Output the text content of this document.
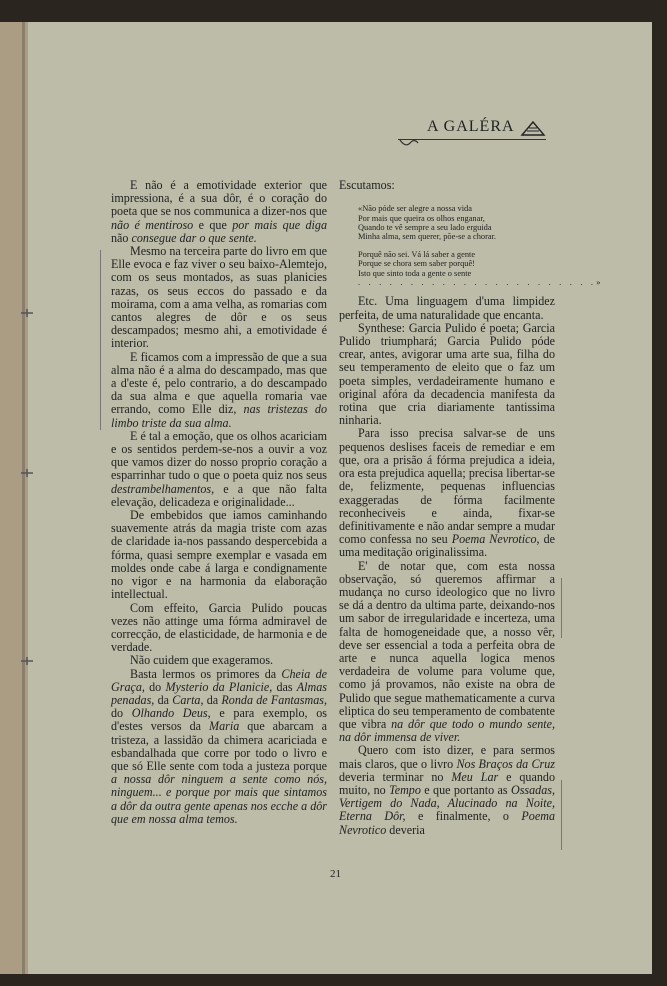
A GALÉRA

E não é a emotividade exterior que impressiona, é a sua dôr, é o coração do poeta que se nos communica a dizer-nos que não é mentiroso e que por mais que diga não consegue dar o que sente.

Mesmo na terceira parte do livro em que Elle evoca e faz viver o seu baixo-Alemtejo, com os seus montados, as suas planicies razas, os seus eccos do passado e da moirama, com a ama velha, as romarias com cantos alegres de dôr e os seus descampados; mesmo ahi, a emotividade é interior.

E ficamos com a impressão de que a sua alma não é a alma do descampado, mas que a d'este é, pelo contrario, a do descampado da sua alma e que aquella romaria vae errando, como Elle diz, nas tristezas do limbo triste da sua alma.

E é tal a emoção, que os olhos acariciam e os sentidos perdem-se-nos a ouvir a voz que vamos dizer do nosso proprio coração a esparrinhar tudo o que o poeta quiz nos seus destrambelhamentos, e a que não falta elevação, delicadeza e originalidade...

De embebidos que iamos caminhando suavemente atrás da magia triste com azas de claridade ia-nos passando despercebida a fórma, quasi sempre exemplar e vasada em moldes onde cabe á larga e condignamente no vigor e na harmonia da elaboração intellectual.

Com effeito, Garcia Pulido poucas vezes não attinge uma fórma admiravel de correcção, de elasticidade, de harmonia e de verdade.

Não cuidem que exageramos.

Basta lermos os primores da Cheia de Graça, do Mysterio da Planicie, das Almas penadas, da Carta, da Ronda de Fantasmas, do Olhando Deus, e para exemplo, os d'estes versos da Maria que abarcam a tristeza, a lassidão da chimera acariciada e esbandalhada que corre por todo o livro e que só Elle sente com toda a justeza porque a nossa dôr ninguem a sente como nós, ninguem... e porque por mais que sintamos a dôr da outra gente apenas nos ecche a dôr que em nossa alma temos.

Escutamos:

«Não póde ser alegre a nossa vida
Por mais que queira os olhos enganar,
Quando te vê sempre a seu lado erguida
Minha alma, sem querer, põe-se a chorar.
Porquê não sei. Vá lá saber a gente
Porque se chora sem saber porquê!
Isto que sinto toda a gente o sente
. . . . . . . . . . . . . . . . . . . . . . .»

Etc. Uma linguagem d'uma limpidez perfeita, de uma naturalidade que encanta.

Synthese: Garcia Pulido é poeta; Garcia Pulido triumphará; Garcia Pulido póde crear, antes, avigorar uma arte sua, filha do seu temperamento de eleito que o faz um poeta simples, verdadeiramente humano e original afóra da decadencia manifesta da rotina que cria diariamente tantissima ninharia.

Para isso precisa salvar-se de uns pequenos deslises faceis de remediar e em que, ora a prisão á fórma prejudica a ideia, ora esta prejudica aquella; precisa libertar-se de, felizmente, pequenas influencias exaggeradas de fórma facilmente reconheciveis e ainda, fixar-se definitivamente e não andar sempre a mudar como confessa no seu Poema Nevrotico, de uma meditação originalissima.

E' de notar que, com esta nossa observação, só queremos affirmar a mudança no curso ideologico que no livro se dá a dentro da ultima parte, deixando-nos um sabor de irregularidade e incerteza, uma falta de homogeneidade que, a nosso vêr, deve ser essencial a toda a perfeita obra de arte e nunca aquella logica menos verdadeira de volume para volume que, como já provamos, não existe na obra de Pulido que segue mathematicamente a curva eliptica do seu temperamento de combatente que vibra na dôr que todo o mundo sente, na dôr immensa de viver.

Quero com isto dizer, e para sermos mais claros, que o livro Nos Braços da Cruz deveria terminar no Meu Lar e quando muito, no Tempo e que portanto as Ossadas, Vertigem do Nada, Alucinado na Noite, Eterna Dôr, e finalmente, o Poema Nevrotico deveria

21
